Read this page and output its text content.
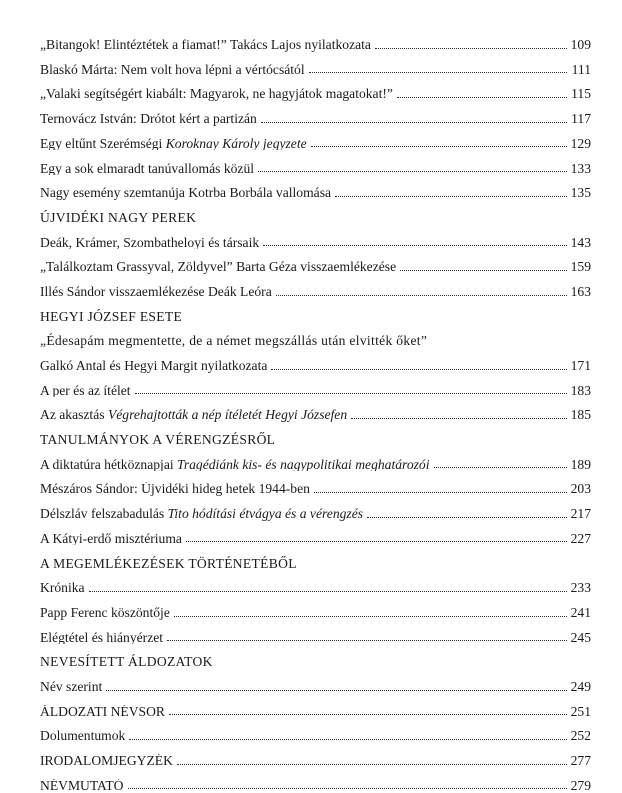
„Bitangok! Elintéztétek a fiamat!” Takács Lajos nyilatkozata	109
Blaskó Márta: Nem volt hova lépni a vértócsától	111
„Valaki segítségért kiabált: Magyarok, ne hagyjátok magatokat!”	115
Ternovácz István: Drótot kért a partizán	117
Egy eltűnt Szerémségi Koroknay Károly jegyzete	129
Egy a sok elmaradt tanúvallomás közül	133
Nagy esemény szemtanúja Kotrba Borbála vallomása	135
ÚJVIDÉKI NAGY PEREK
Deák, Krámer, Szombatheloyi és társaik	143
„Találkoztam Grassyval, Zöldyvel” Barta Géza visszaemlékezése	159
Illés Sándor visszaemlékezése Deák Leóra	163
HEGYI JÓZSEF ESETE
„Édesapám megmentette, de a német megszállás után elvitték őket”
Galkó Antal és Hegyi Margit nyilatkozata	171
A per és az ítélet	183
Az akasztás Végrehajtották a nép ítéletét Hegyi Józsefen	185
TANULMÁNYOK A VÉRENGZÉSRŐL
A diktatúra hétköznapjai Tragédiánk kis- és nagypolitikai meghatározói	189
Mészáros Sándor: Újvidéki hideg hetek 1944-ben	203
Délszláv felszabadulás Tito hódítási étvágya és a vérengzés	217
A Kátyi-erdő misztériuma	227
A MEGEMLÉKEZÉSEK TÖRTÉNETÉBŐL
Krónika	233
Papp Ferenc köszöntője	241
Elégtétel és hiányérzet	245
NEVESÍTETT ÁLDOZATOK
Név szerint	249
ÁLDOZATI NÉVSOR	251
Dolumentumok	252
IRODALOMJEGYZÉK	277
NÉVMUTATÓ	279
